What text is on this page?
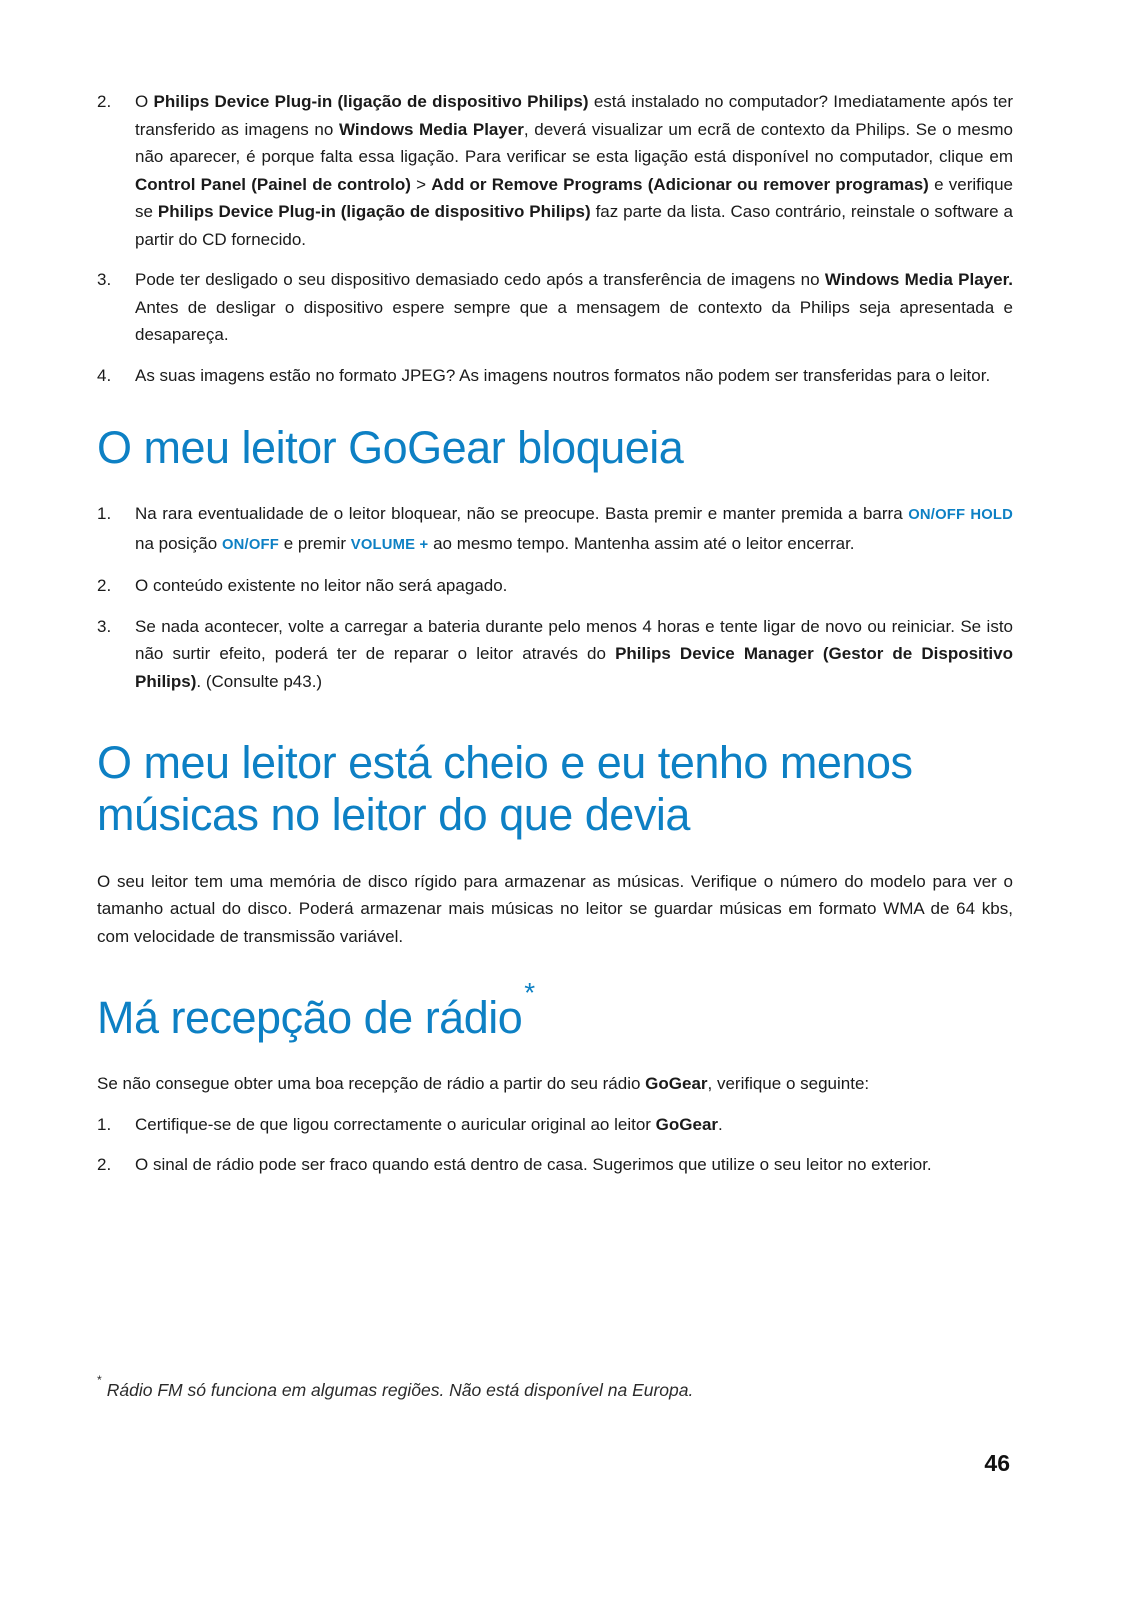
2.	O Philips Device Plug-in (ligação de dispositivo Philips) está instalado no computador? Imediatamente após ter transferido as imagens no Windows Media Player, deverá visualizar um ecrã de contexto da Philips. Se o mesmo não aparecer, é porque falta essa ligação. Para verificar se esta ligação está disponível no computador, clique em Control Panel (Painel de controlo) > Add or Remove Programs (Adicionar ou remover programas) e verifique se Philips Device Plug-in (ligação de dispositivo Philips) faz parte da lista. Caso contrário, reinstale o software a partir do CD fornecido.
3.	Pode ter desligado o seu dispositivo demasiado cedo após a transferência de imagens no Windows Media Player. Antes de desligar o dispositivo espere sempre que a mensagem de contexto da Philips seja apresentada e desapareça.
4.	As suas imagens estão no formato JPEG? As imagens noutros formatos não podem ser transferidas para o leitor.
O meu leitor GoGear bloqueia
1.	Na rara eventualidade de o leitor bloquear, não se preocupe. Basta premir e manter premida a barra ON/OFF HOLD na posição ON/OFF e premir VOLUME + ao mesmo tempo. Mantenha assim até o leitor encerrar.
2.	O conteúdo existente no leitor não será apagado.
3.	Se nada acontecer, volte a carregar a bateria durante pelo menos 4 horas e tente ligar de novo ou reiniciar. Se isto não surtir efeito, poderá ter de reparar o leitor através do Philips Device Manager (Gestor de Dispositivo Philips). (Consulte p43.)
O meu leitor está cheio e eu tenho menos músicas no leitor do que devia

O seu leitor tem uma memória de disco rígido para armazenar as músicas. Verifique o número do modelo para ver o tamanho actual do disco. Poderá armazenar mais músicas no leitor se guardar músicas em formato WMA de 64 kbs, com velocidade de transmissão variável.

Má recepção de rádio*

Se não consegue obter uma boa recepção de rádio a partir do seu rádio GoGear, verifique o seguinte:

1.	Certifique-se de que ligou correctamente o auricular original ao leitor GoGear.
2.	O sinal de rádio pode ser fraco quando está dentro de casa. Sugerimos que utilize o seu leitor no exterior.
*Rádio FM só funciona em algumas regiões. Não está disponível na Europa.
46
